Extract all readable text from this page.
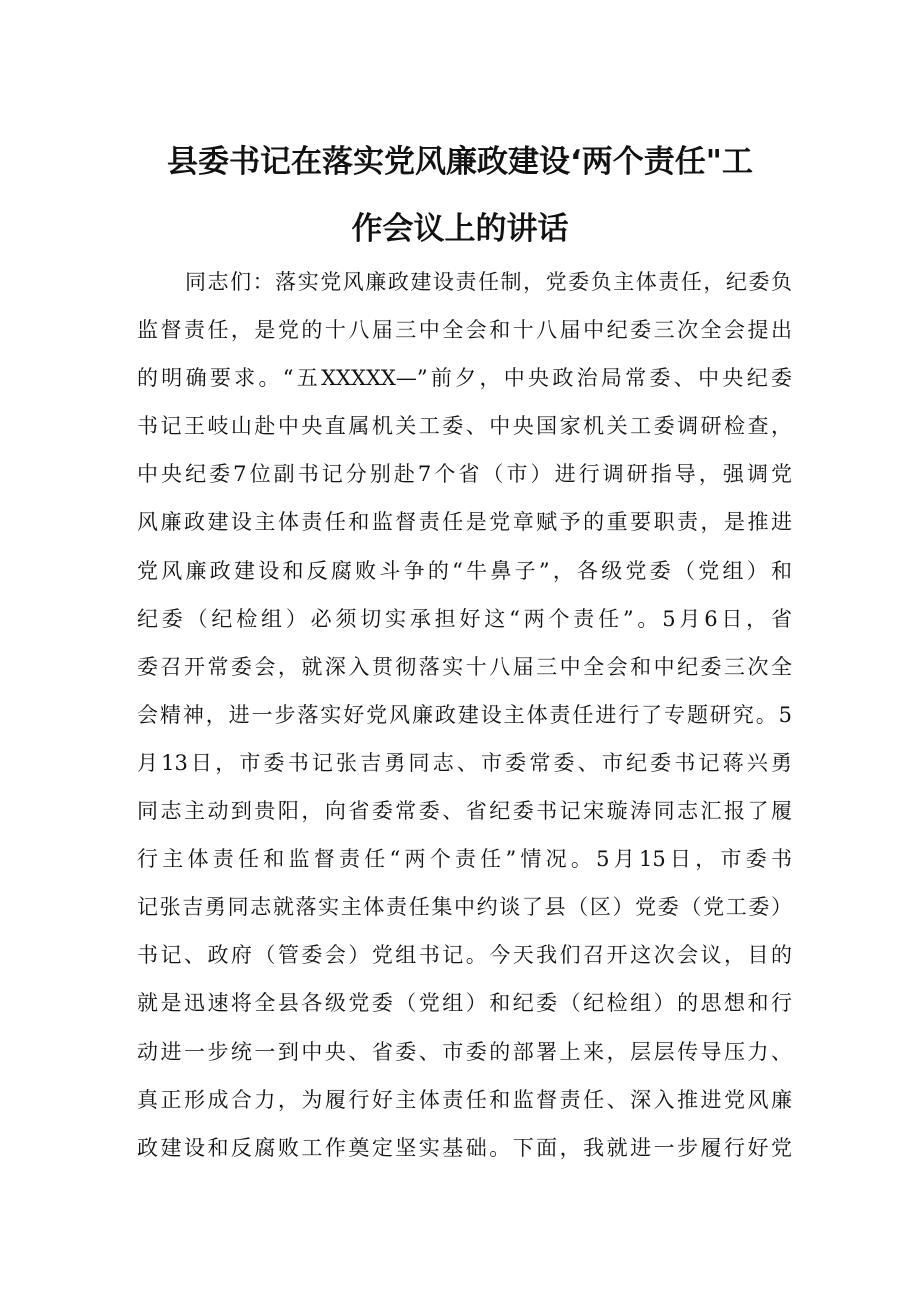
县委书记在落实党风廉政建设‘两个责任"工
作会议上的讲话
同志们：落实党风廉政建设责任制，党委负主体责任，纪委负
监督责任，是党的十八届三中全会和十八届中纪委三次全会提出
的明确要求。“五XXXXX—”前夕，中央政治局常委、中央纪委
书记王岐山赴中央直属机关工委、中央国家机关工委调研检查，
中央纪委7位副书记分别赴7个省（市）进行调研指导，强调党
风廉政建设主体责任和监督责任是党章赋予的重要职责，是推进
党风廉政建设和反腐败斗争的“牛鼻子”，各级党委（党组）和
纪委（纪检组）必须切实承担好这“两个责任”。5月6日，省
委召开常委会，就深入贯彻落实十八届三中全会和中纪委三次全
会精神，进一步落实好党风廉政建设主体责任进行了专题研究。5
月13日，市委书记张吉勇同志、市委常委、市纪委书记蒋兴勇
同志主动到贵阳，向省委常委、省纪委书记宋璇涛同志汇报了履
行主体责任和监督责任“两个责任”情况。5月15日，市委书
记张吉勇同志就落实主体责任集中约谈了县（区）党委（党工委）
书记、政府（管委会）党组书记。今天我们召开这次会议，目的
就是迅速将全县各级党委（党组）和纪委（纪检组）的思想和行
动进一步统一到中央、省委、市委的部署上来，层层传导压力、
真正形成合力，为履行好主体责任和监督责任、深入推进党风廉
政建设和反腐败工作奠定坚实基础。下面，我就进一步履行好党
